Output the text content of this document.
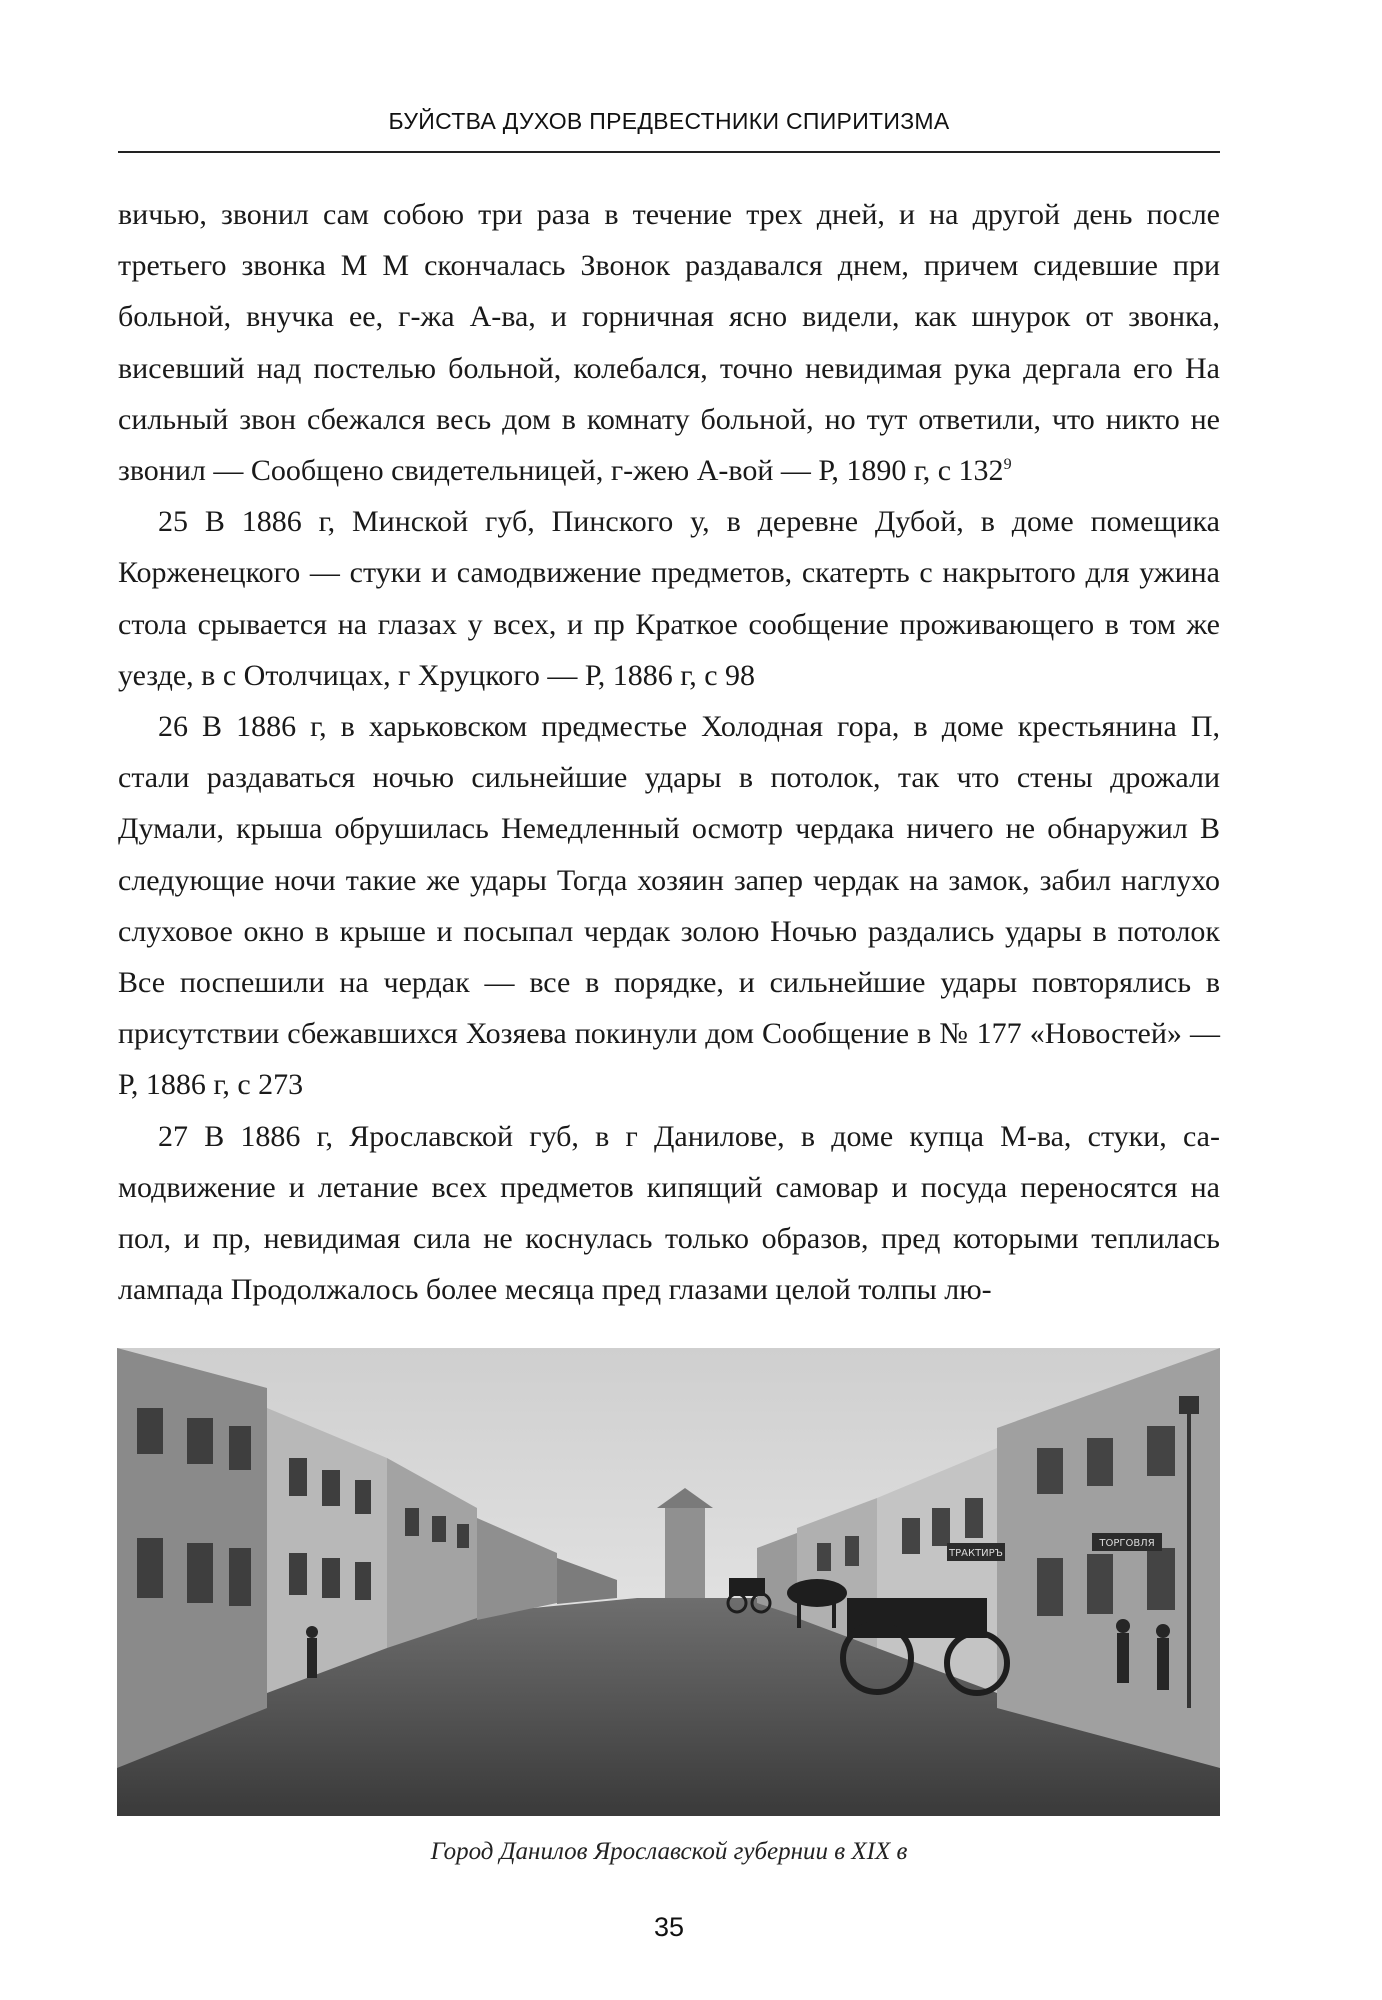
БУЙСТВА ДУХОВ ПРЕДВЕСТНИКИ СПИРИТИЗМА

вичью, звонил сам собою три раза в течение трех дней, и на другой день после третьего звонка М М скончалась Звонок раздавался днем, причем сидевшие при больной, внучка ее, г-жа А-ва, и горничная ясно видели, как шнурок от звонка, висевший над постелью больной, колебался, точно невидимая рука дергала его На сильный звон сбежался весь дом в комнату больной, но тут ответили, что никто не звонил — Сообщено свидетельницей, г-жею А-вой — Р, 1890 г, с $132^9$

25 В 1886 г, Минской губ, Пинского у, в деревне Дубой, в доме помещика Корженецкого — стуки и самодвижение предметов, скатерть с накрытого для ужина стола срывается на глазах у всех, и пр Краткое сообщение проживающего в том же уезде, в с Отолчицах, г Хруцкого — Р, 1886 г, с 98

26 В 1886 г, в харьковском предместье Холодная гора, в доме крестьянина П, стали раздаваться ночью сильнейшие удары в потолок, так что стены дрожали Думали, крыша обрушилась Немедленный осмотр чердака ничего не обнаружил В следующие ночи такие же удары Тогда хозяин запер чердак на замок, забил наглухо слуховое окно в крыше и посыпал чердак золою Ночью раздались удары в потолок Все поспешили на чердак — все в порядке, и сильнейшие удары повторялись в присутствии сбежавшихся Хозяева покинули дом Сообщение в № 177 «Новостей» — Р, 1886 г, с 273

27 В 1886 г, Ярославской губ, в г Данилове, в доме купца М-ва, стуки, самодвижение и летание всех предметов кипящий самовар и посуда переносятся на пол, и пр, невидимая сила не коснулась только образов, пред которыми теплилась лампада Продолжалось более месяца пред глазами целой толпы лю-

ТРАКТИРЪ
ТОРГОВЛЯ
Город Данилов Ярославской губернии в XIX в
35
